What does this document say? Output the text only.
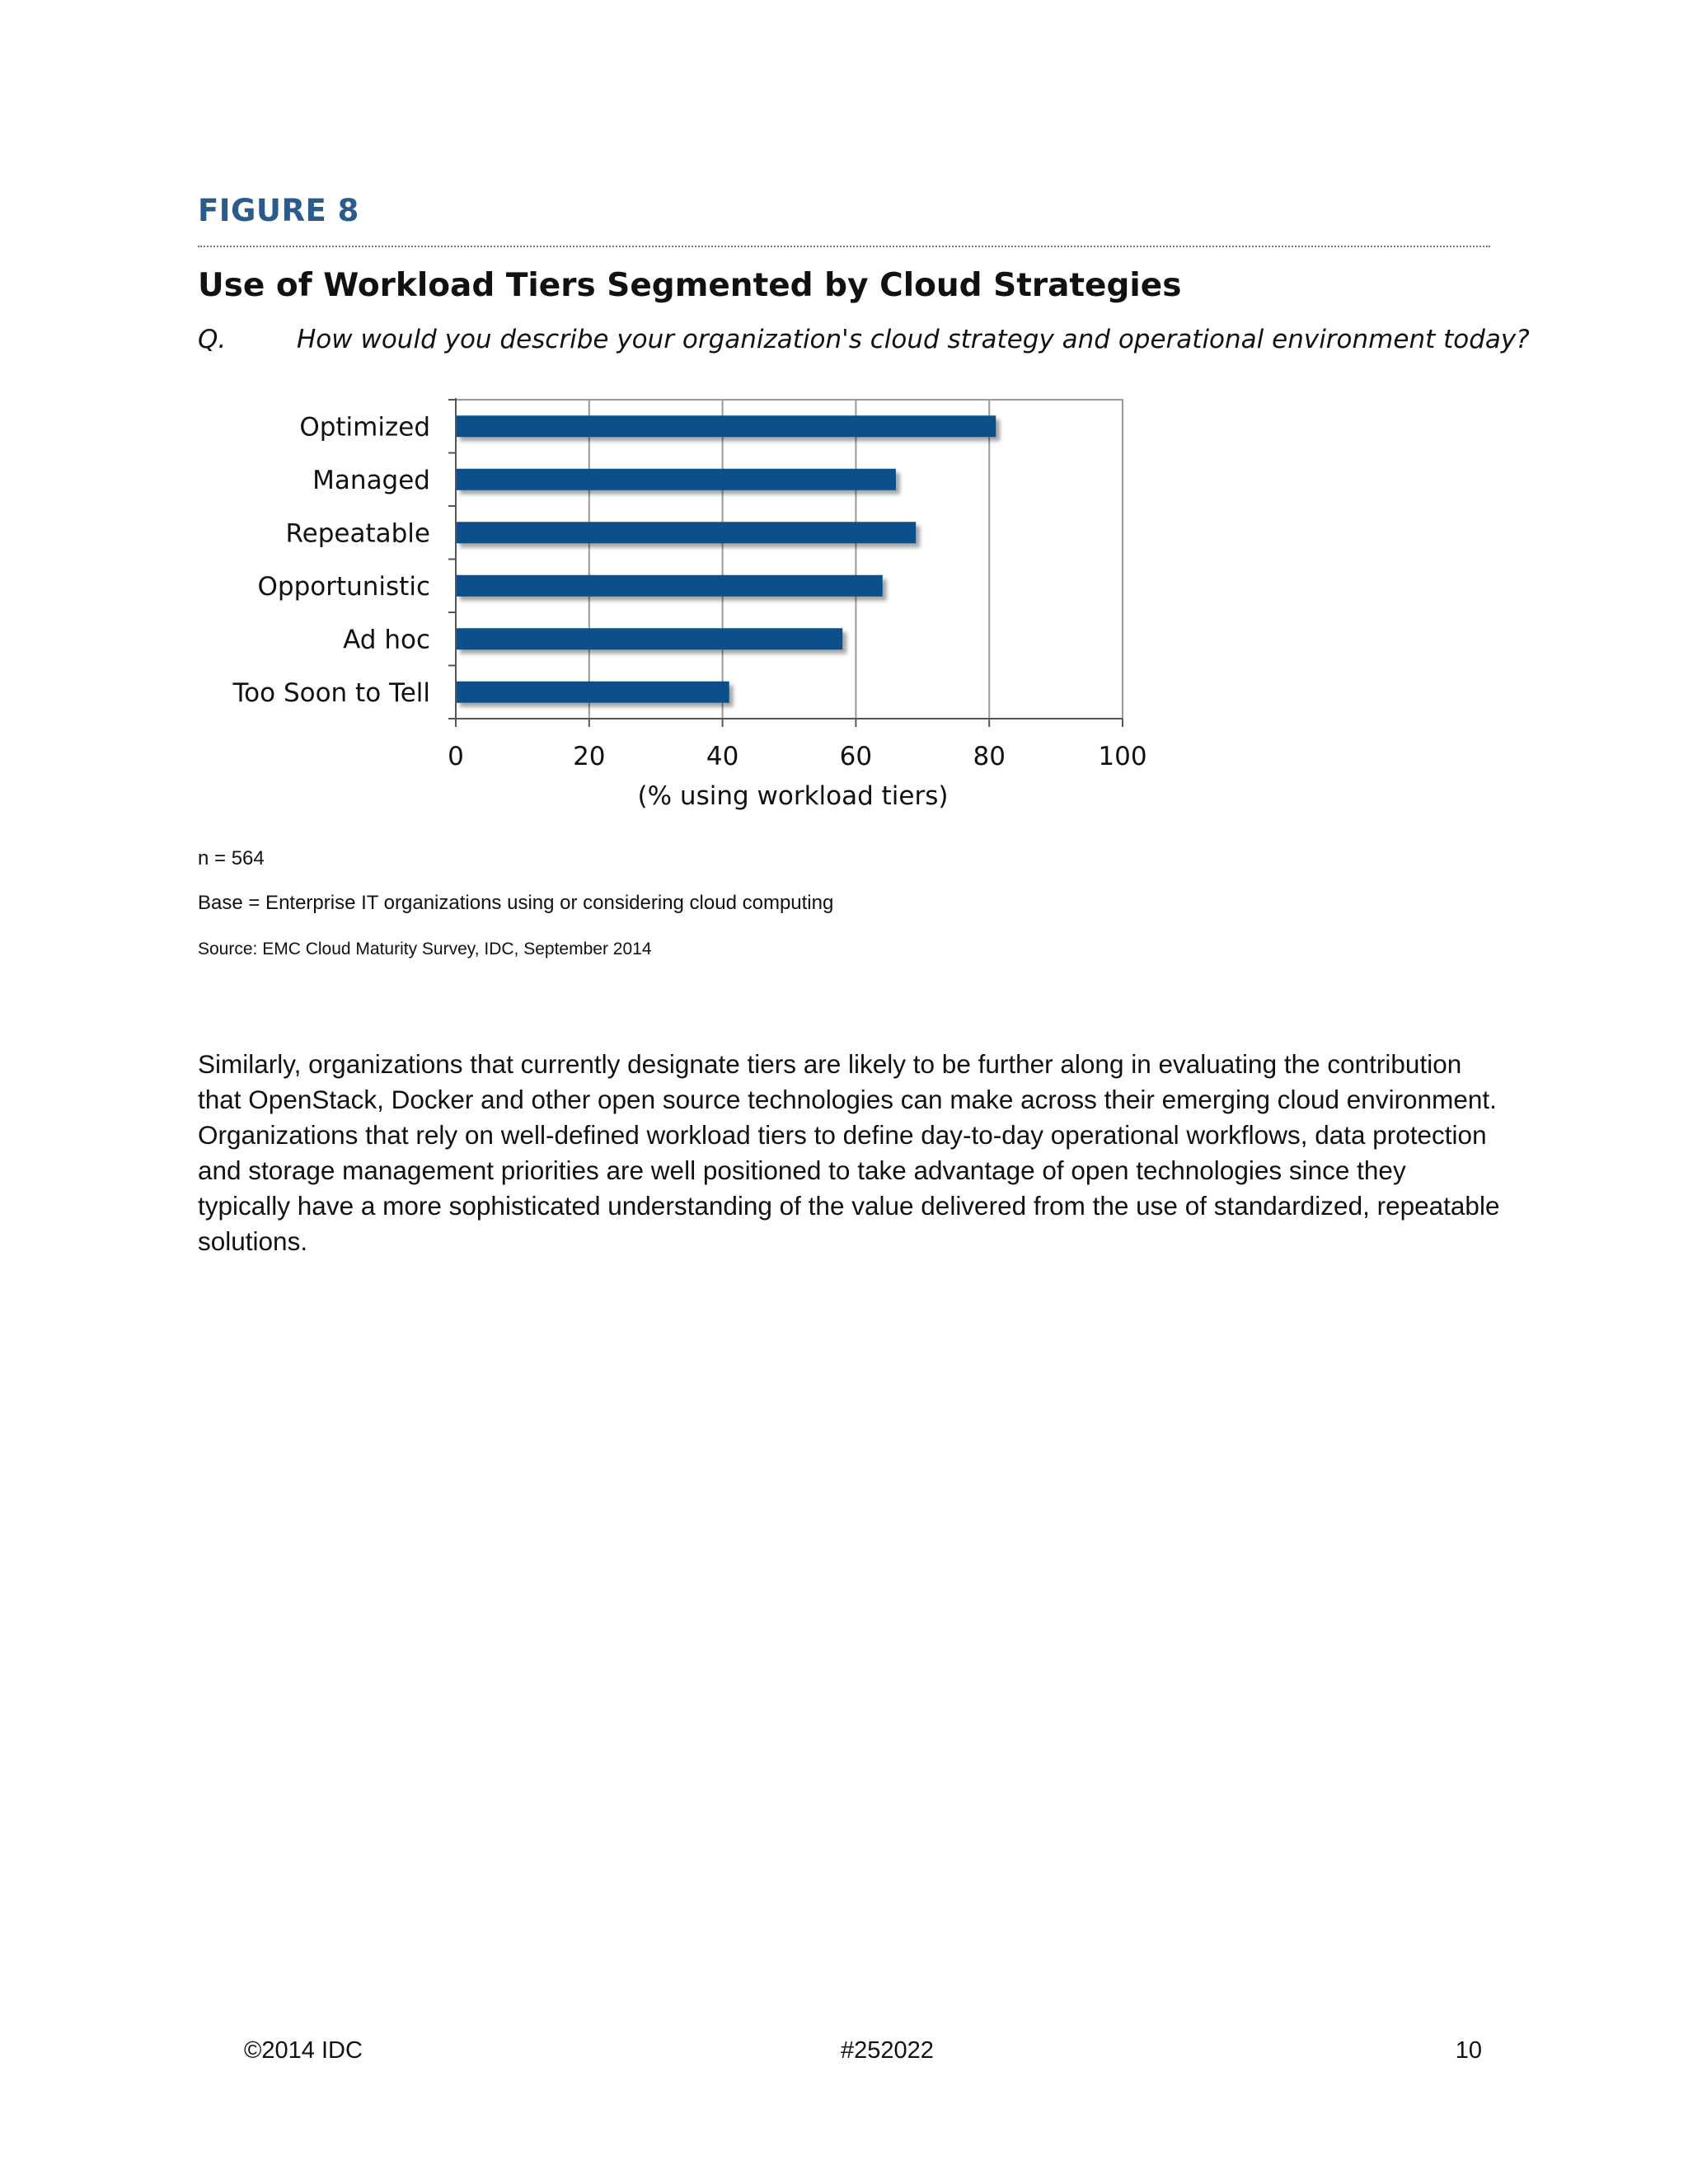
FIGURE 8
Use of Workload Tiers Segmented by Cloud Strategies
Q.	How would you describe your organization's cloud strategy and operational environment today?
Optimized
Managed
Repeatable
Opportunistic
Ad hoc
Too Soon to Tell
0	20	40	60	80	100
(% using workload tiers)
n = 564
Base = Enterprise IT organizations using or considering cloud computing
Source: EMC Cloud Maturity Survey, IDC, September 2014

Similarly, organizations that currently designate tiers are likely to be further along in evaluating the contribution that OpenStack, Docker and other open source technologies can make across their emerging cloud environment. Organizations that rely on well-defined workload tiers to define day-to-day operational workflows, data protection and storage management priorities are well positioned to take advantage of open technologies since they typically have a more sophisticated understanding of the value delivered from the use of standardized, repeatable solutions.

©2014 IDC	#252022	10
